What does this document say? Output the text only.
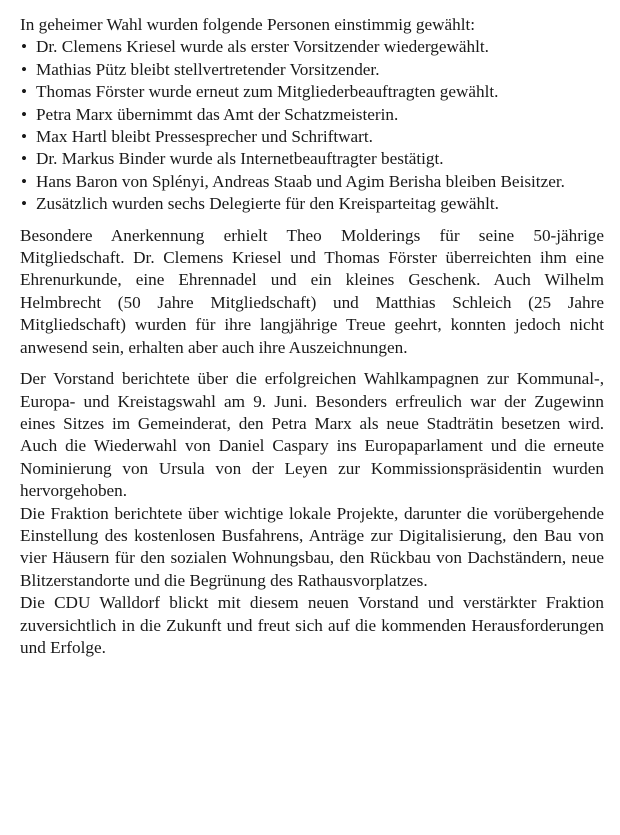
In geheimer Wahl wurden folgende Personen einstimmig gewählt:

• Dr. Clemens Kriesel wurde als erster Vorsitzender wiedergewählt.
• Mathias Pütz bleibt stellvertretender Vorsitzender.
• Thomas Förster wurde erneut zum Mitgliederbeauftragten gewählt.
• Petra Marx übernimmt das Amt der Schatzmeisterin.
• Max Hartl bleibt Pressesprecher und Schriftwart.
• Dr. Markus Binder wurde als Internetbeauftragter bestätigt.
• Hans Baron von Splényi, Andreas Staab und Agim Berisha bleiben Beisitzer.
• Zusätzlich wurden sechs Delegierte für den Kreisparteitag gewählt.

Besondere Anerkennung erhielt Theo Molderings für seine 50-jährige Mitgliedschaft. Dr. Clemens Kriesel und Thomas Förster überreichten ihm eine Ehrenurkunde, eine Ehrennadel und ein kleines Geschenk. Auch Wilhelm Helmbrecht (50 Jahre Mitgliedschaft) und Matthias Schleich (25 Jahre Mitgliedschaft) wurden für ihre langjährige Treue geehrt, konnten jedoch nicht anwesend sein, erhalten aber auch ihre Auszeichnungen.

Der Vorstand berichtete über die erfolgreichen Wahlkampagnen zur Kommunal-, Europa- und Kreistagswahl am 9. Juni. Besonders erfreulich war der Zugewinn eines Sitzes im Gemeinderat, den Petra Marx als neue Stadträtin besetzen wird. Auch die Wiederwahl von Daniel Caspary ins Europaparlament und die erneute Nominierung von Ursula von der Leyen zur Kommissionspräsidentin wurden hervorgehoben.

Die Fraktion berichtete über wichtige lokale Projekte, darunter die vorübergehende Einstellung des kostenlosen Busfahrens, Anträge zur Digitalisierung, den Bau von vier Häusern für den sozialen Wohnungsbau, den Rückbau von Dachständern, neue Blitzerstandorte und die Begrünung des Rathausvorplatzes.

Die CDU Walldorf blickt mit diesem neuen Vorstand und verstärkter Fraktion zuversichtlich in die Zukunft und freut sich auf die kommenden Herausforderungen und Erfolge.
